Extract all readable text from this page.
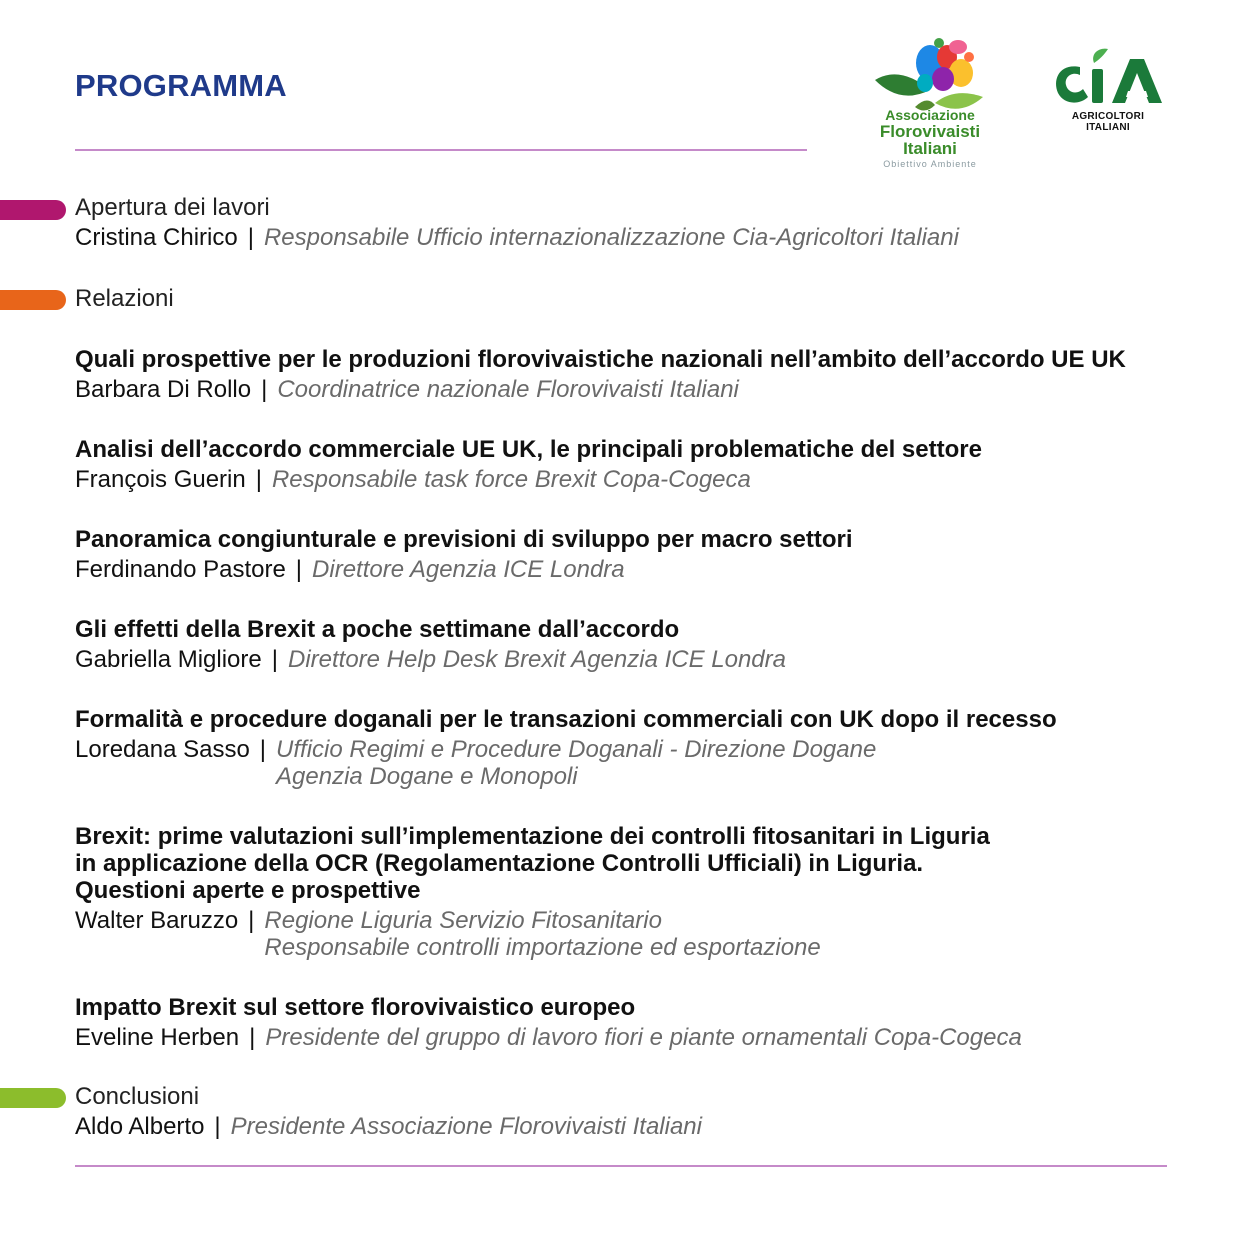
PROGRAMMA
Associazione
Florovivaisti Italiani
Obiettivo Ambiente
AGRICOLTORI ITALIANI
Apertura dei lavori
Cristina Chirico | Responsabile Ufficio internazionalizzazione Cia-Agricoltori Italiani
Relazioni
Quali prospettive per le produzioni florovivaistiche nazionali nell’ambito dell’accordo UE UK
Barbara Di Rollo | Coordinatrice nazionale Florovivaisti Italiani
Analisi dell’accordo commerciale UE UK, le principali problematiche del settore
François Guerin | Responsabile task force Brexit Copa-Cogeca
Panoramica congiunturale e previsioni di sviluppo per macro settori
Ferdinando Pastore | Direttore Agenzia ICE Londra
Gli effetti della Brexit a poche settimane dall’accordo
Gabriella Migliore | Direttore Help Desk Brexit Agenzia ICE Londra
Formalità e procedure doganali per le transazioni commerciali con UK dopo il recesso
Loredana Sasso | Ufficio Regimi e Procedure Doganali - Direzione Dogane
Agenzia Dogane e Monopoli
Brexit: prime valutazioni sull’implementazione dei controlli fitosanitari in Liguria
in applicazione della OCR (Regolamentazione Controlli Ufficiali) in Liguria.
Questioni aperte e prospettive
Walter Baruzzo | Regione Liguria Servizio Fitosanitario
Responsabile controlli importazione ed esportazione
Impatto Brexit sul settore florovivaistico europeo
Eveline Herben | Presidente del gruppo di lavoro fiori e piante ornamentali Copa-Cogeca
Conclusioni
Aldo Alberto | Presidente Associazione Florovivaisti Italiani
